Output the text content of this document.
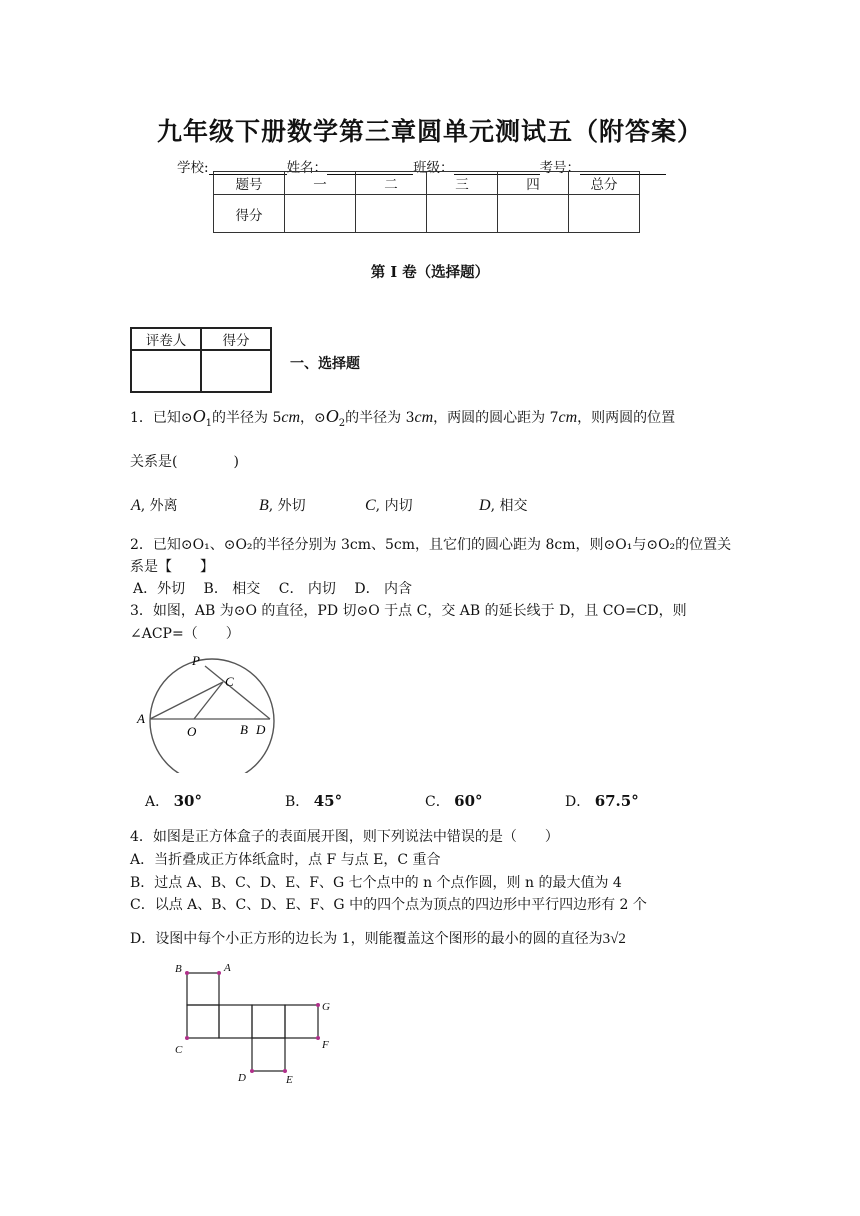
九年级下册数学第三章圆单元测试五（附答案）
学校:	姓名：	班级：	考号：
题号	一	二	三	四	总分
得分					
第 I 卷（选择题）
评卷人	得分

一、选择题
1．已知$⊙O_1$的半径为 5cm，$⊙O_2$的半径为 3cm，两圆的圆心距为 7cm，则两圆的位置
关系是(　　　　)
A, 外离	B, 外切	C, 内切	D, 相交
2．已知⊙O₁、⊙O₂的半径分别为 3cm、5cm，且它们的圆心距为 8cm，则⊙O₁与⊙O₂的位置关
系是【　　】
A．外切　 B． 相交　 C． 内切　 D． 内含
3．如图，AB 为⊙O 的直径，PD 切⊙O 于点 C，交 AB 的延长线于 D，且 CO=CD，则
∠ACP=（　　）
P
C
A
O	B D
A． 30°	B． 45°	C． 60°	D． 67.5°
4．如图是正方体盒子的表面展开图，则下列说法中错误的是（　　）
A．当折叠成正方体纸盒时，点 F 与点 E，C 重合
B．过点 A、B、C、D、E、F、G 七个点中的 n 个点作圆，则 n 的最大值为 4
C．以点 A、B、C、D、E、F、G 中的四个点为顶点的四边形中平行四边形有 2 个
D．设图中每个小正方形的边长为 1，则能覆盖这个图形的最小的圆的直径为3√2
B	A
G
F
C
D	E
